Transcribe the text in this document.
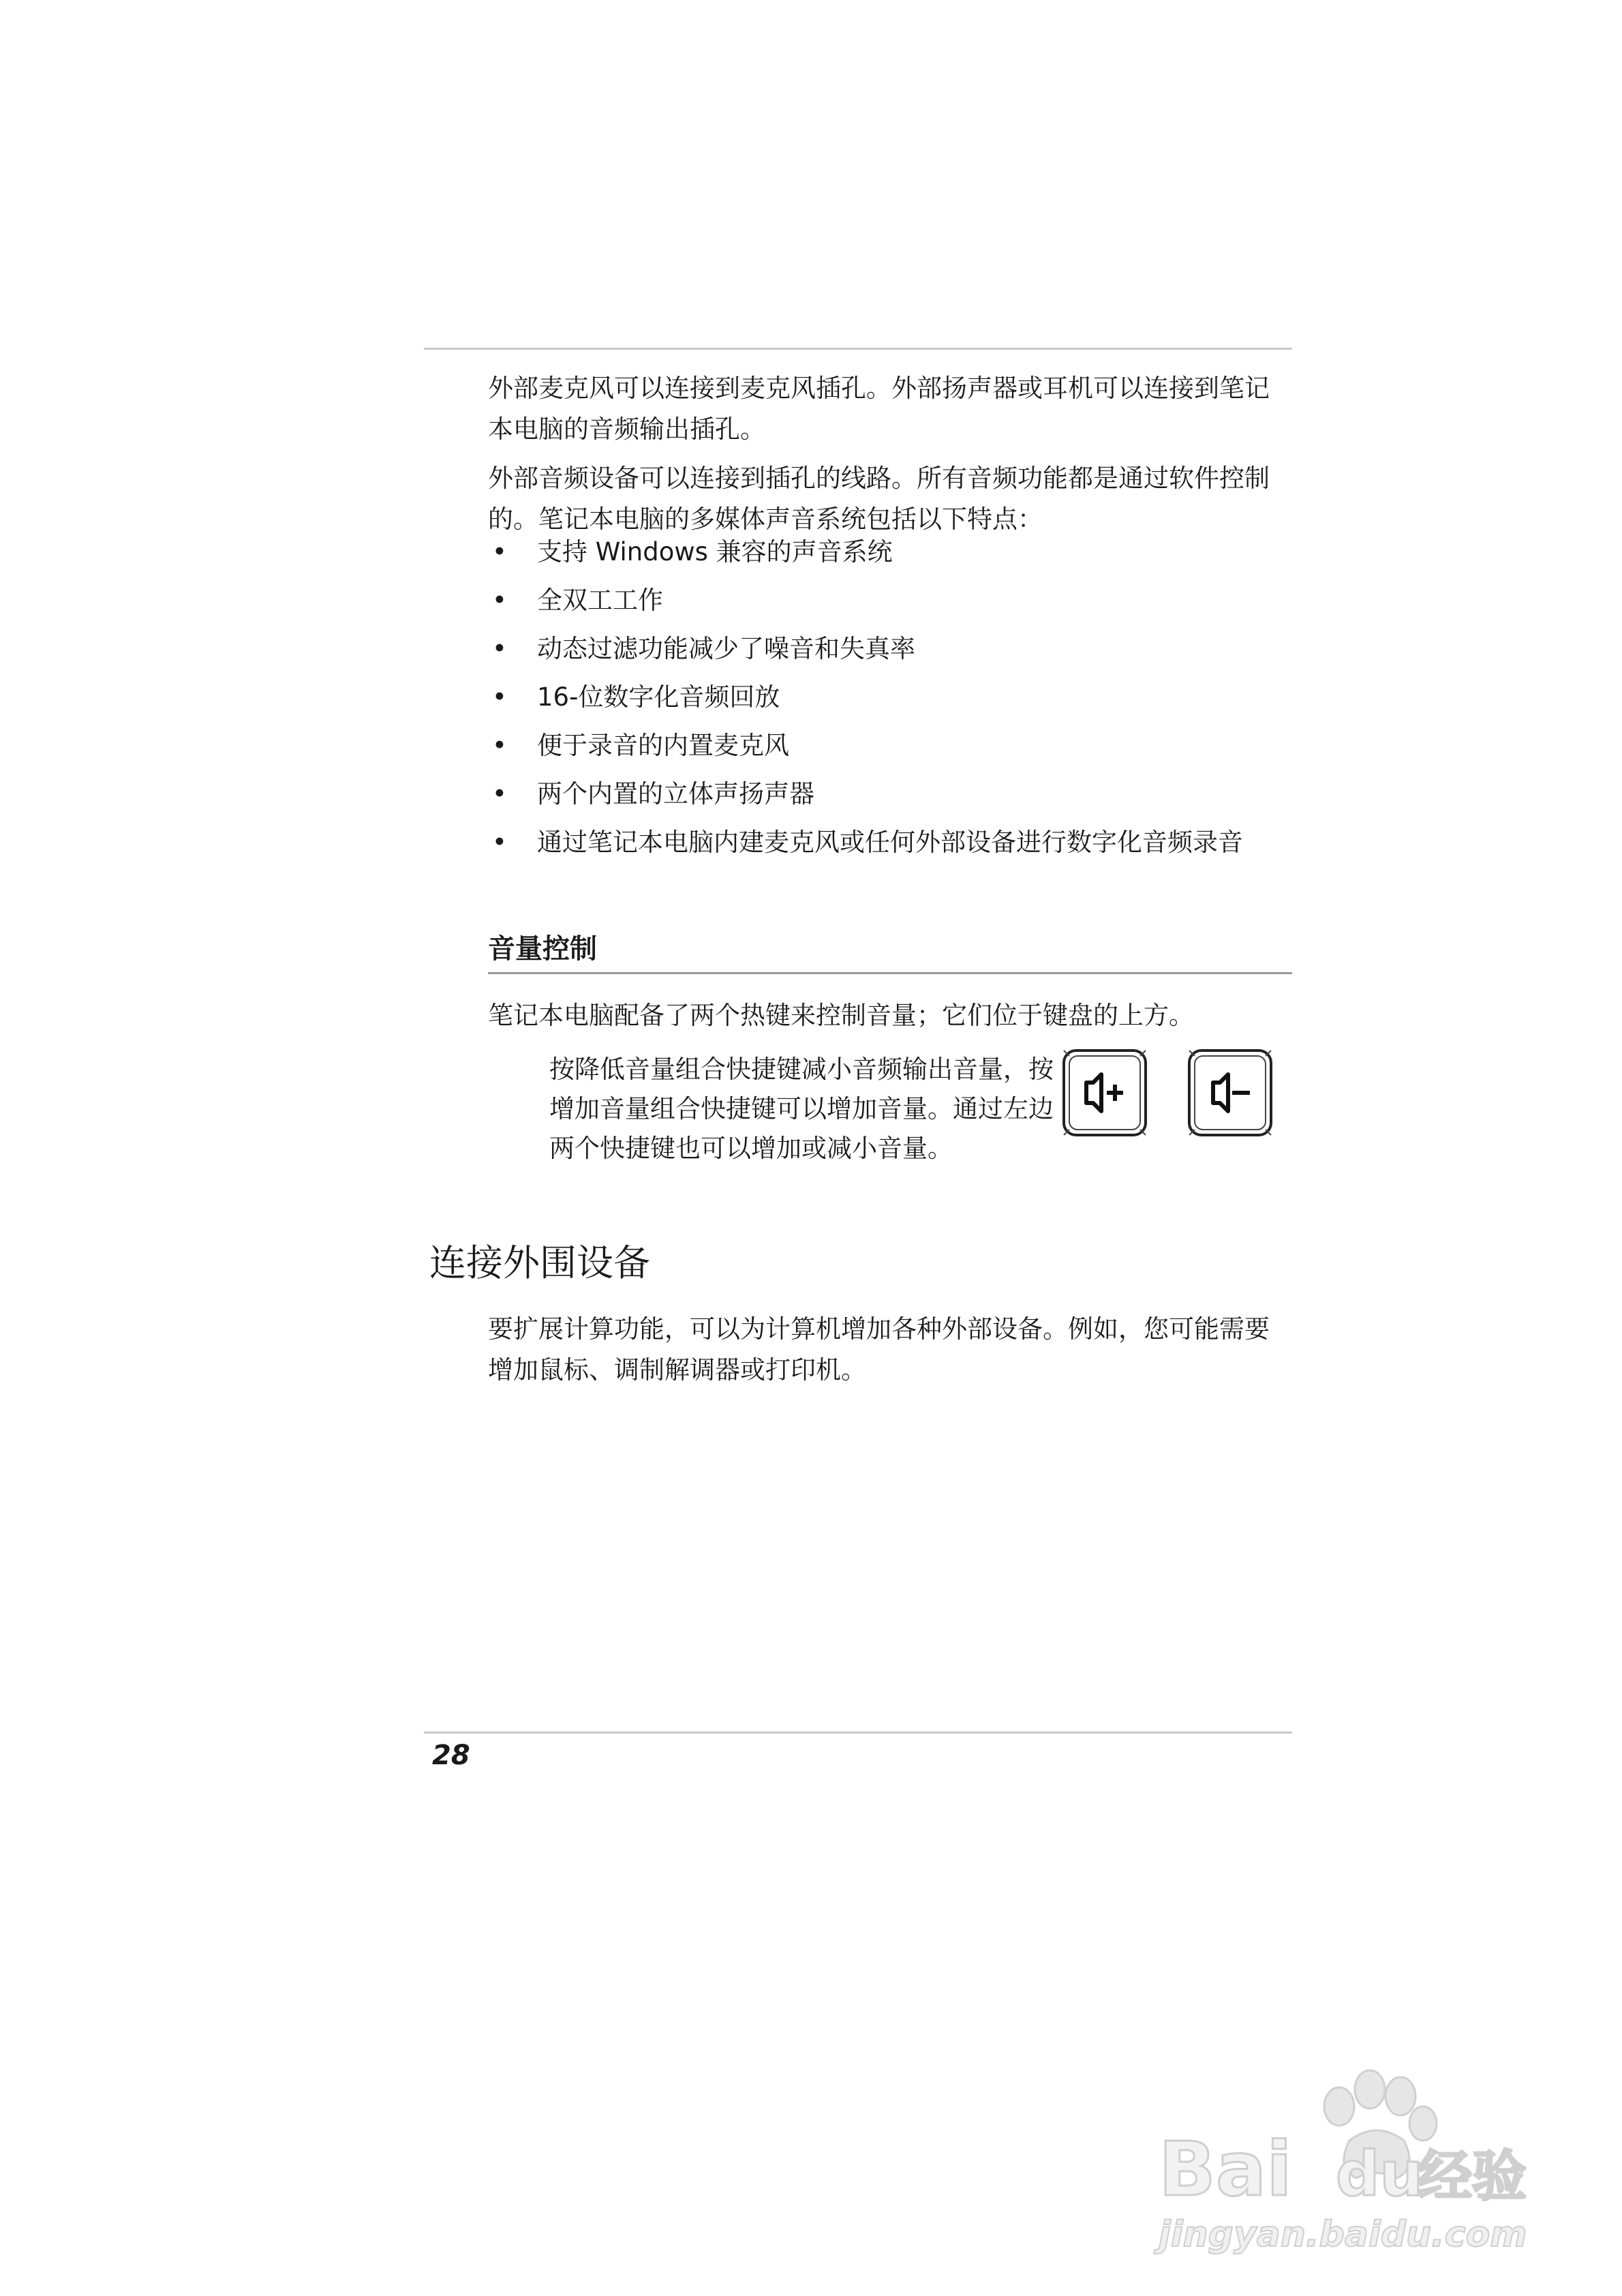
外部麦克风可以连接到麦克风插孔。外部扬声器或耳机可以连接到笔记本电脑的音频输出插孔。

外部音频设备可以连接到插孔的线路。所有音频功能都是通过软件控制的。笔记本电脑的多媒体声音系统包括以下特点：

• 支持 Windows 兼容的声音系统
• 全双工工作
• 动态过滤功能减少了噪音和失真率
• 16-位数字化音频回放
• 便于录音的内置麦克风
• 两个内置的立体声扬声器
• 通过笔记本电脑内建麦克风或任何外部设备进行数字化音频录音
音量控制

笔记本电脑配备了两个热键来控制音量；它们位于键盘的上方。

按降低音量组合快捷键减小音频输出音量，按增加音量组合快捷键可以增加音量。通过左边两个快捷键也可以增加或减小音量。

连接外围设备

要扩展计算功能，可以为计算机增加各种外部设备。例如，您可能需要增加鼠标、调制解调器或打印机。

28

Bai du
经验
jingyan.baidu.com
